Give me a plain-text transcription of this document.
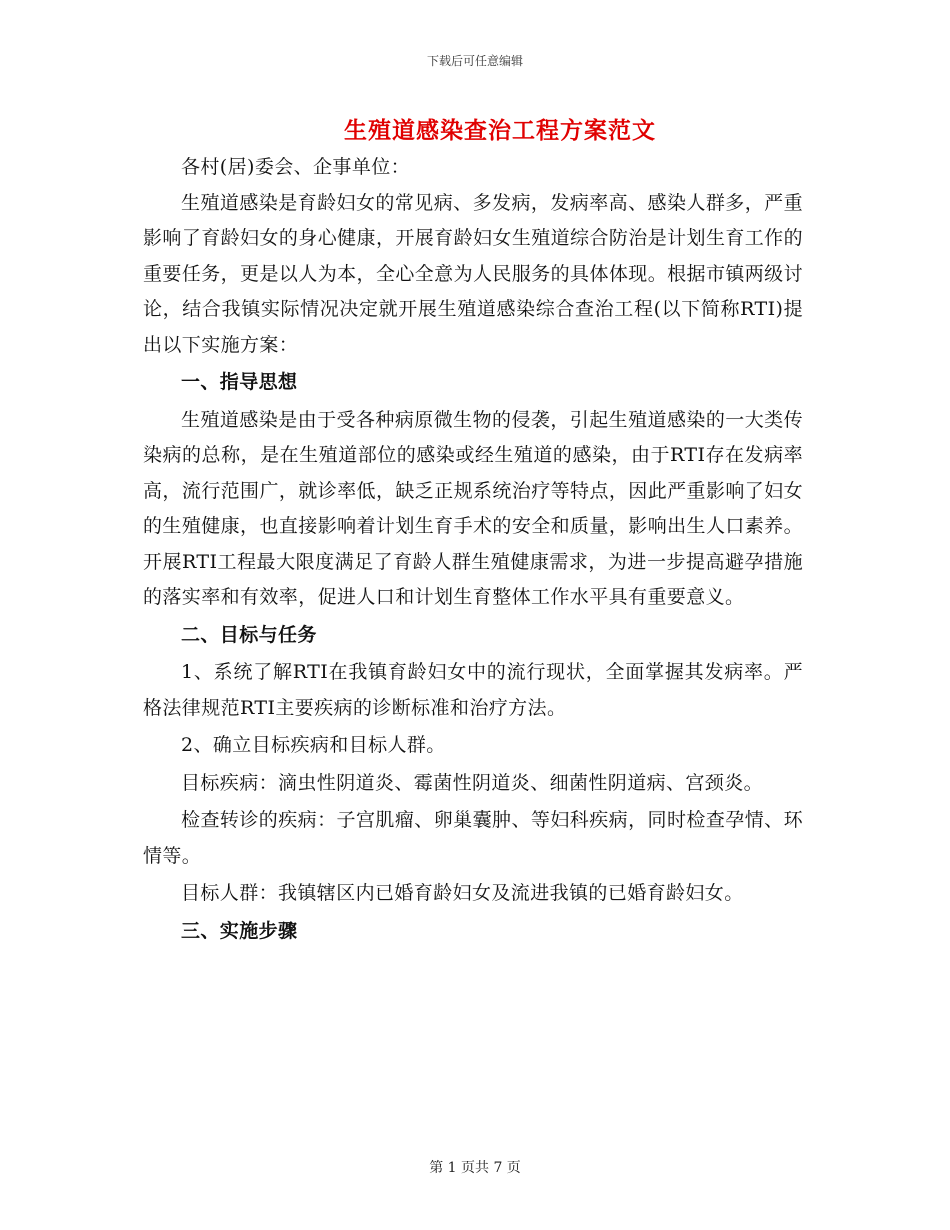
下载后可任意编辑
生殖道感染查治工程方案范文

各村(居)委会、企事单位：

生殖道感染是育龄妇女的常见病、多发病，发病率高、感染人群多，严重影响了育龄妇女的身心健康，开展育龄妇女生殖道综合防治是计划生育工作的重要任务，更是以人为本，全心全意为人民服务的具体体现。根据市镇两级讨论，结合我镇实际情况决定就开展生殖道感染综合查治工程(以下简称RTI)提出以下实施方案：

一、指导思想

生殖道感染是由于受各种病原微生物的侵袭，引起生殖道感染的一大类传染病的总称，是在生殖道部位的感染或经生殖道的感染，由于RTI存在发病率高，流行范围广，就诊率低，缺乏正规系统治疗等特点，因此严重影响了妇女的生殖健康，也直接影响着计划生育手术的安全和质量，影响出生人口素养。开展RTI工程最大限度满足了育龄人群生殖健康需求，为进一步提高避孕措施的落实率和有效率，促进人口和计划生育整体工作水平具有重要意义。

二、目标与任务

1、系统了解RTI在我镇育龄妇女中的流行现状，全面掌握其发病率。严格法律规范RTI主要疾病的诊断标准和治疗方法。

2、确立目标疾病和目标人群。

目标疾病：滴虫性阴道炎、霉菌性阴道炎、细菌性阴道病、宫颈炎。

检查转诊的疾病：子宫肌瘤、卵巢囊肿、等妇科疾病，同时检查孕情、环情等。

目标人群：我镇辖区内已婚育龄妇女及流进我镇的已婚育龄妇女。

三、实施步骤

第 1 页共 7 页
